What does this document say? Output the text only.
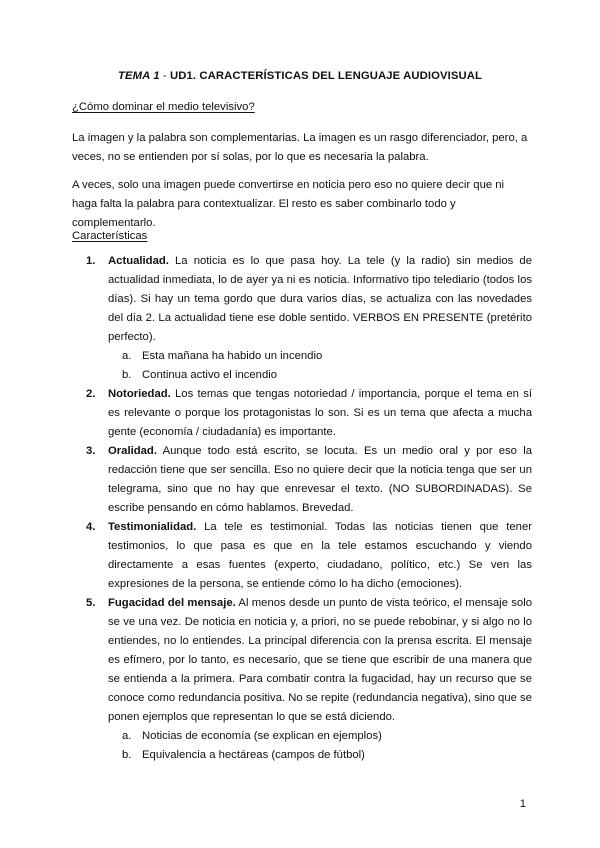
TEMA 1 - UD1. CARACTERÍSTICAS DEL LENGUAJE AUDIOVISUAL
¿Cómo dominar el medio televisivo?

La imagen y la palabra son complementarias. La imagen es un rasgo diferenciador, pero, a veces, no se entienden por sí solas, por lo que es necesaria la palabra.

A veces, solo una imagen puede convertirse en noticia pero eso no quiere decir que ni haga falta la palabra para contextualizar. El resto es saber combinarlo todo y complementarlo.

Características
1. Actualidad. La noticia es lo que pasa hoy. La tele (y la radio) sin medios de actualidad inmediata, lo de ayer ya ni es noticia. Informativo tipo telediario (todos los días). Si hay un tema gordo que dura varios días, se actualiza con las novedades del día 2. La actualidad tiene ese doble sentido. VERBOS EN PRESENTE (pretérito perfecto).
a. Esta mañana ha habido un incendio
b. Continua activo el incendio
2. Notoriedad. Los temas que tengas notoriedad / importancia, porque el tema en sí es relevante o porque los protagonistas lo son. Si es un tema que afecta a mucha gente (economía / ciudadanía) es importante.
3. Oralidad. Aunque todo está escrito, se locuta. Es un medio oral y por eso la redacción tiene que ser sencilla. Eso no quiere decir que la noticia tenga que ser un telegrama, sino que no hay que enrevesar el texto. (NO SUBORDINADAS). Se escribe pensando en cómo hablamos. Brevedad.
4. Testimonialidad. La tele es testimonial. Todas las noticias tienen que tener testimonios, lo que pasa es que en la tele estamos escuchando y viendo directamente a esas fuentes (experto, ciudadano, político, etc.) Se ven las expresiones de la persona, se entiende cómo lo ha dicho (emociones).
5. Fugacidad del mensaje. Al menos desde un punto de vista teórico, el mensaje solo se ve una vez. De noticia en noticia y, a priori, no se puede rebobinar, y si algo no lo entiendes, no lo entiendes. La principal diferencia con la prensa escrita. El mensaje es efímero, por lo tanto, es necesario, que se tiene que escribir de una manera que se entienda a la primera. Para combatir contra la fugacidad, hay un recurso que se conoce como redundancia positiva. No se repite (redundancia negativa), sino que se ponen ejemplos que representan lo que se está diciendo.
a. Noticias de economía (se explican en ejemplos)
b. Equivalencia a hectáreas (campos de fútbol)
1
